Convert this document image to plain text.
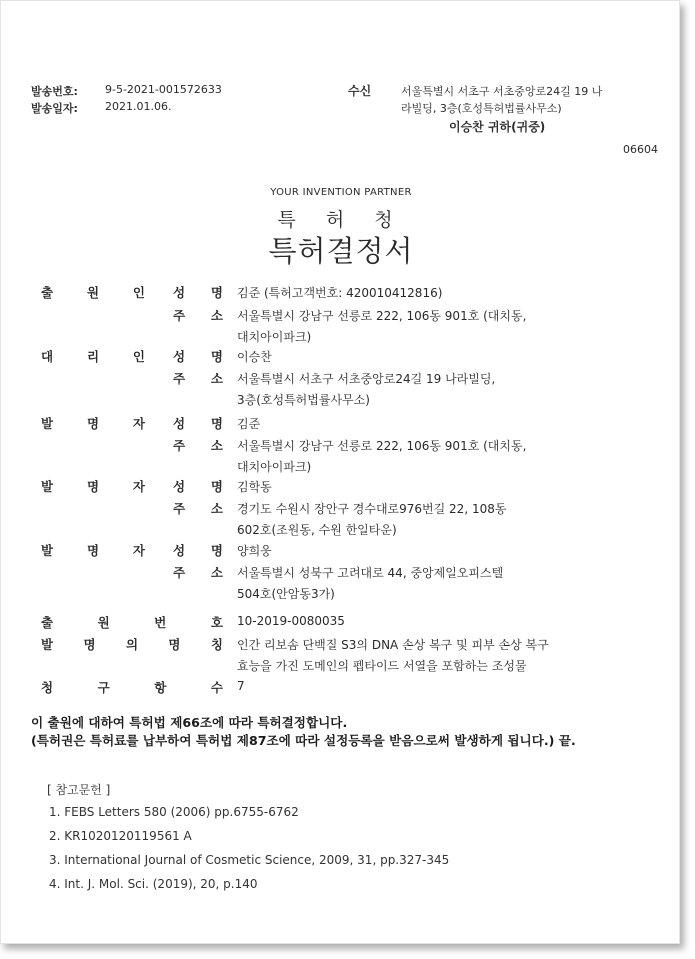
발송번호: 9-5-2021-001572633
발송일자: 2021.01.06.
수신	서울특별시 서초구 서초중앙로24길 19 나
라빌딩, 3층(호성특허법률사무소)
이승찬 귀하(귀중)
06604
YOUR INVENTION PARTNER
특 허 청
특허결정서
출	원	인 성 명 김준 (특허고객번호: 420010412816)
주 소 서울특별시 강남구 선릉로 222, 106동 901호 (대치동,
대치아이파크)
대	리	인 성 명 이승찬
주 소 서울특별시 서초구 서초중앙로24길 19 나라빌딩,
3층(호성특허법률사무소)
발	명	자 성 명 김준
주 소 서울특별시 강남구 선릉로 222, 106동 901호 (대치동,
대치아이파크)
발	명	자 성 명 김학동
주 소 경기도 수원시 장안구 경수대로976번길 22, 108동
602호(조원동, 수원 한일타운)
발	명	자 성 명 양희웅
주 소 서울특별시 성북구 고려대로 44, 중앙제일오피스텔
504호(안암동3가)
출	원	번	호 10-2019-0080035
발 명 의 명 칭 인간 리보솜 단백질 S3의 DNA 손상 복구 및 피부 손상 복구
효능을 가진 도메인의 펩타이드 서열을 포함하는 조성물
청	구	항	수 7
이 출원에 대하여 특허법 제66조에 따라 특허결정합니다.
(특허권은 특허료를 납부하여 특허법 제87조에 따라 설정등록을 받음으로써 발생하게 됩니다.) 끝.
[ 참고문헌 ]
1. FEBS Letters 580 (2006) pp.6755-6762
2. KR1020120119561 A
3. International Journal of Cosmetic Science, 2009, 31, pp.327-345
4. Int. J. Mol. Sci. (2019), 20, p.140
